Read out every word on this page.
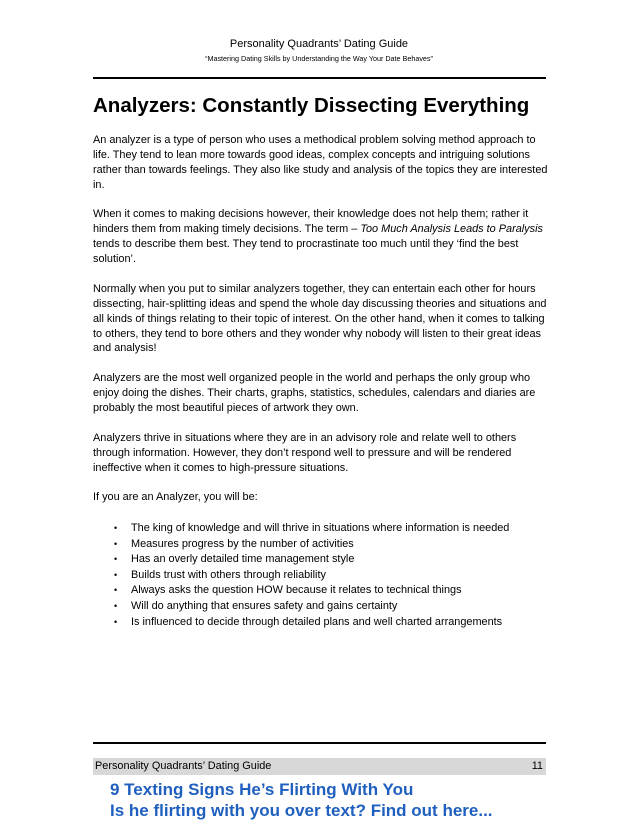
Personality Quadrants’ Dating Guide
“Mastering Dating Skills by Understanding the Way Your Date Behaves”
Analyzers: Constantly Dissecting Everything

An analyzer is a type of person who uses a methodical problem solving method approach to life. They tend to lean more towards good ideas, complex concepts and intriguing solutions rather than towards feelings. They also like study and analysis of the topics they are interested in.

When it comes to making decisions however, their knowledge does not help them; rather it hinders them from making timely decisions. The term – Too Much Analysis Leads to Paralysis tends to describe them best. They tend to procrastinate too much until they ‘find the best solution’.

Normally when you put to similar analyzers together, they can entertain each other for hours dissecting, hair-splitting ideas and spend the whole day discussing theories and situations and all kinds of things relating to their topic of interest. On the other hand, when it comes to talking to others, they tend to bore others and they wonder why nobody will listen to their great ideas and analysis!

Analyzers are the most well organized people in the world and perhaps the only group who enjoy doing the dishes. Their charts, graphs, statistics, schedules, calendars and diaries are probably the most beautiful pieces of artwork they own.

Analyzers thrive in situations where they are in an advisory role and relate well to others through information. However, they don’t respond well to pressure and will be rendered ineffective when it comes to high-pressure situations.

If you are an Analyzer, you will be:

• The king of knowledge and will thrive in situations where information is needed
• Measures progress by the number of activities
• Has an overly detailed time management style
• Builds trust with others through reliability
• Always asks the question HOW because it relates to technical things
• Will do anything that ensures safety and gains certainty
• Is influenced to decide through detailed plans and well charted arrangements
Personality Quadrants’ Dating Guide	11
9 Texting Signs He’s Flirting With You
Is he flirting with you over text? Find out here...
